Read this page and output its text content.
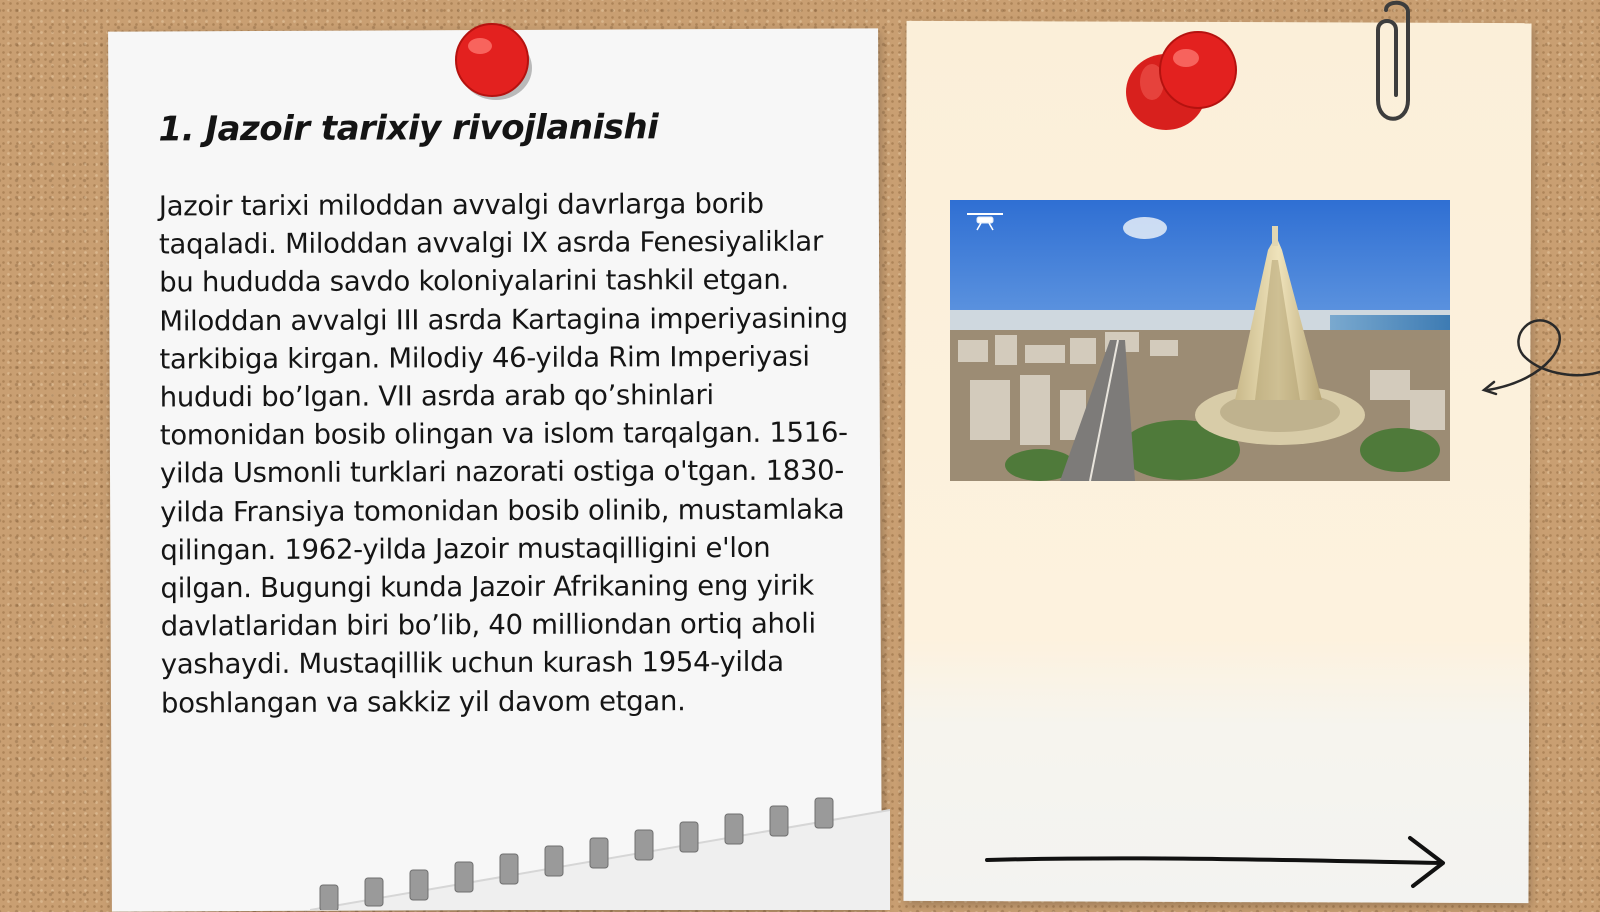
1. Jazoir tarixiy rivojlanishi

Jazoir tarixi miloddan avvalgi davrlarga borib taqaladi. Miloddan avvalgi IX asrda Fenesiyaliklar bu hududda savdo koloniyalarini tashkil etgan. Miloddan avvalgi III asrda Kartagina imperiyasining tarkibiga kirgan. Milodiy 46-yilda Rim Imperiyasi hududi bo’lgan. VII asrda arab qo’shinlari tomonidan bosib olingan va islom tarqalgan. 1516-yilda Usmonli turklari nazorati ostiga o'tgan. 1830-yilda Fransiya tomonidan bosib olinib, mustamlaka qilingan. 1962-yilda Jazoir mustaqilligini e'lon qilgan. Bugungi kunda Jazoir Afrikaning eng yirik davlatlaridan biri bo’lib, 40 milliondan ortiq aholi yashaydi. Mustaqillik uchun kurash 1954-yilda boshlangan va sakkiz yil davom etgan.
